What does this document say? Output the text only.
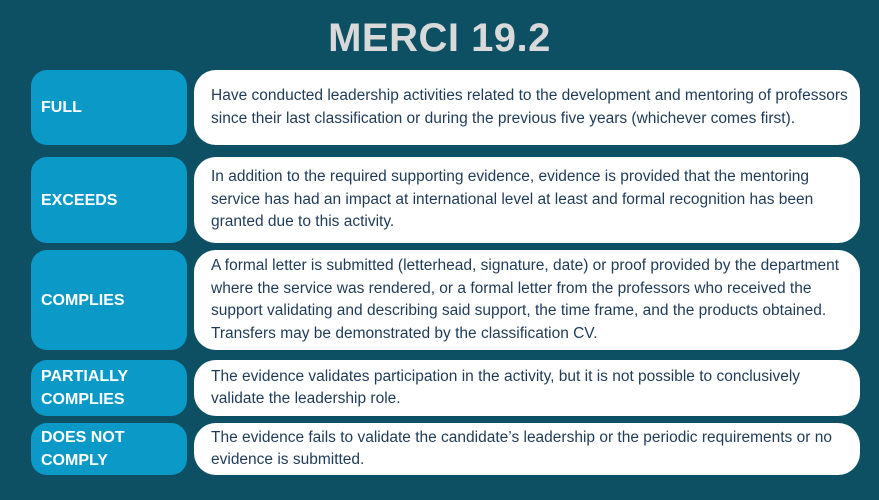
MERCI 19.2
FULL
Have conducted leadership activities related to the development and mentoring of professors since their last classification or during the previous five years (whichever comes first).
EXCEEDS
In addition to the required supporting evidence, evidence is provided that the mentoring service has had an impact at international level at least and formal recognition has been granted due to this activity.
COMPLIES
A formal letter is submitted (letterhead, signature, date) or proof provided by the department where the service was rendered, or a formal letter from the professors who received the support validating and describing said support, the time frame, and the products obtained. Transfers may be demonstrated by the classification CV.
PARTIALLY COMPLIES
The evidence validates participation in the activity, but it is not possible to conclusively validate the leadership role.
DOES NOT COMPLY
The evidence fails to validate the candidate’s leadership or the periodic requirements or no evidence is submitted.
